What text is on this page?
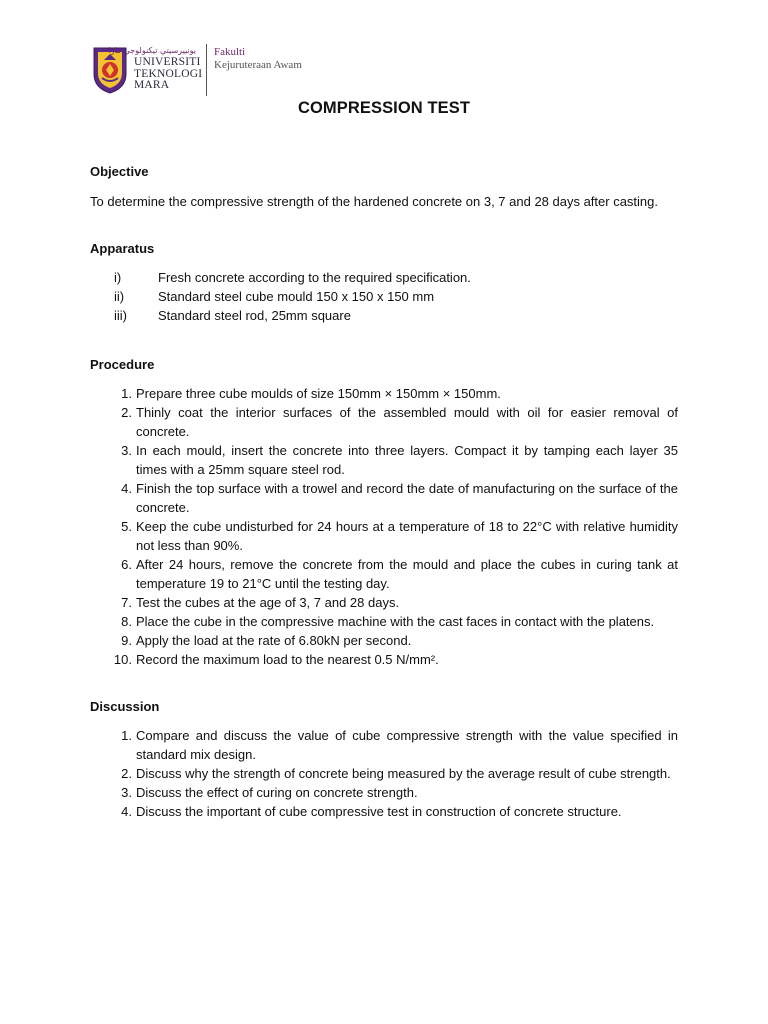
ﯾﻮﻧﯿﯿﺮﺳﯿﺘﻲ ﺗﯿﻜﻨﻮﻟﻮﺟﻲ ﻣﺎرا
UNIVERSITI
TEKNOLOGI
MARA
Fakulti
Kejuruteraan Awam
COMPRESSION TEST
Objective

To determine the compressive strength of the hardened concrete on 3, 7 and 28 days after casting.

Apparatus
i)	Fresh concrete according to the required specification.
ii)	Standard steel cube mould 150 x 150 x 150 mm
iii) Standard steel rod, 25mm square
Procedure
1. Prepare three cube moulds of size 150mm × 150mm × 150mm.
2. Thinly coat the interior surfaces of the assembled mould with oil for easier removal of concrete.
3. In each mould, insert the concrete into three layers. Compact it by tamping each layer 35 times with a 25mm square steel rod.
4. Finish the top surface with a trowel and record the date of manufacturing on the surface of the concrete.
5. Keep the cube undisturbed for 24 hours at a temperature of 18 to 22°C with relative humidity not less than 90%.
6. After 24 hours, remove the concrete from the mould and place the cubes in curing tank at temperature 19 to 21°C until the testing day.
7. Test the cubes at the age of 3, 7 and 28 days.
8. Place the cube in the compressive machine with the cast faces in contact with the platens.
9. Apply the load at the rate of 6.80kN per second.
10. Record the maximum load to the nearest 0.5 N/mm².
Discussion
1. Compare and discuss the value of cube compressive strength with the value specified in standard mix design.
2. Discuss why the strength of concrete being measured by the average result of cube strength.
3. Discuss the effect of curing on concrete strength.
4. Discuss the important of cube compressive test in construction of concrete structure.
